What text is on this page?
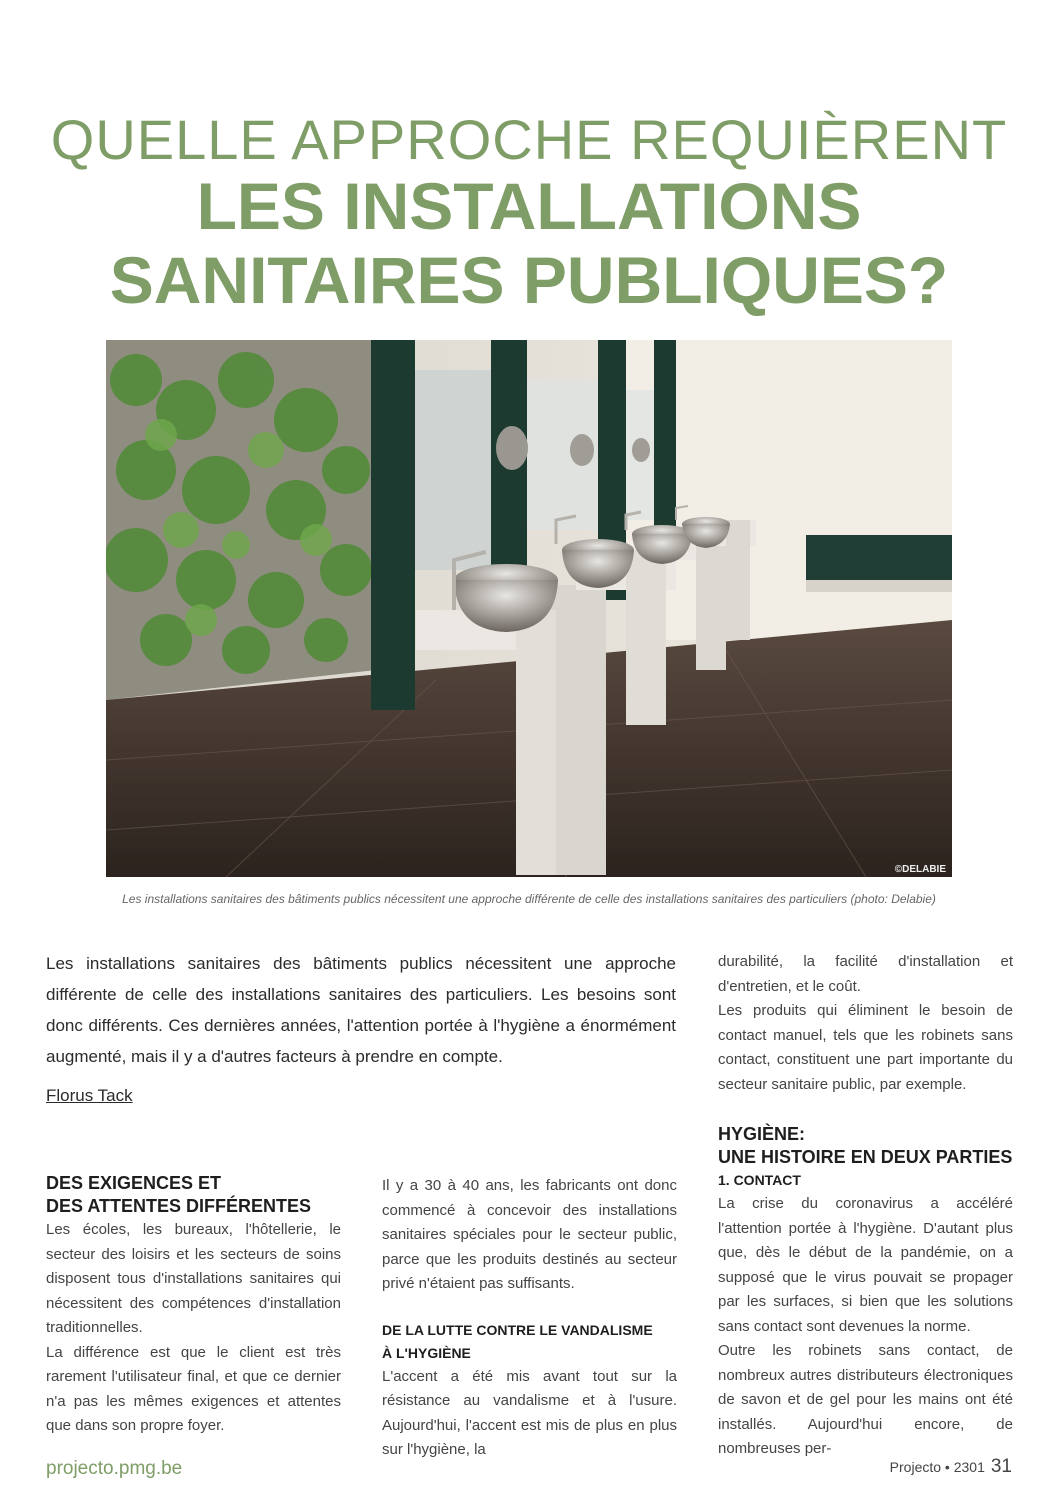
QUELLE APPROCHE REQUIÈRENT
LES INSTALLATIONS
SANITAIRES PUBLIQUES?
©DELABIE
Les installations sanitaires des bâtiments publics nécessitent une approche différente de celle des installations sanitaires des particuliers (photo: Delabie)
Les installations sanitaires des bâtiments publics nécessitent une approche différente de celle des installations sanitaires des particuliers. Les besoins sont donc différents. Ces dernières années, l'attention portée à l'hygiène a énormément augmenté, mais il y a d'autres facteurs à prendre en compte.
Florus Tack
DES EXIGENCES ET
DES ATTENTES DIFFÉRENTES

Les écoles, les bureaux, l'hôtellerie, le secteur des loisirs et les secteurs de soins disposent tous d'installations sanitaires qui nécessitent des compétences d'installation traditionnelles.

La différence est que le client est très rarement l'utilisateur final, et que ce dernier n'a pas les mêmes exigences et attentes que dans son propre foyer.

Il y a 30 à 40 ans, les fabricants ont donc commencé à concevoir des installations sanitaires spéciales pour le secteur public, parce que les produits destinés au secteur privé n'étaient pas suffisants.

DE LA LUTTE CONTRE LE VANDALISME
À L'HYGIÈNE

L'accent a été mis avant tout sur la résistance au vandalisme et à l'usure. Aujourd'hui, l'accent est mis de plus en plus sur l'hygiène, la

durabilité, la facilité d'installation et d'entretien, et le coût.

Les produits qui éliminent le besoin de contact manuel, tels que les robinets sans contact, constituent une part importante du secteur sanitaire public, par exemple.

HYGIÈNE:
UNE HISTOIRE EN DEUX PARTIES
1. CONTACT

La crise du coronavirus a accéléré l'attention portée à l'hygiène. D'autant plus que, dès le début de la pandémie, on a supposé que le virus pouvait se propager par les surfaces, si bien que les solutions sans contact sont devenues la norme.

Outre les robinets sans contact, de nombreux autres distributeurs électroniques de savon et de gel pour les mains ont été installés. Aujourd'hui encore, de nombreuses per-

projecto.pmg.be	Projecto • 2301 31
